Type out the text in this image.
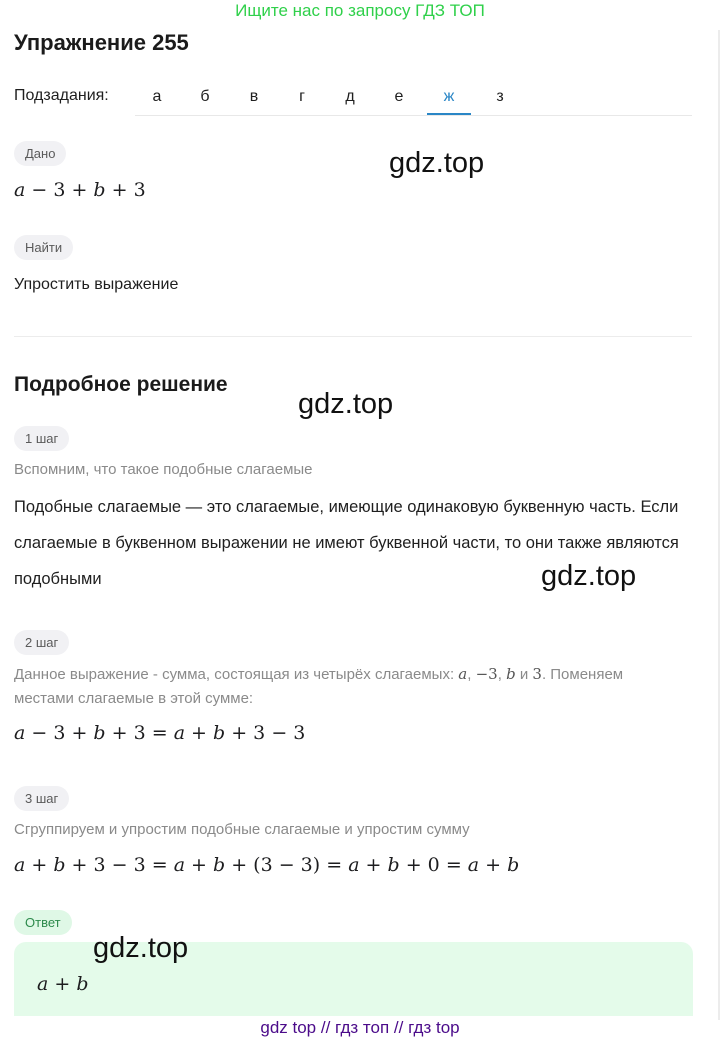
Ищите нас по запросу ГДЗ ТОП
Упражнение 255
Подзадания:	а	б	в	г	д	е	ж	з
Дано
a − 3 + b + 3
Найти
Упростить выражение
Подробное решение
1 шаг
Вспомним, что такое подобные слагаемые
Подобные слагаемые — это слагаемые, имеющие одинаковую буквенную часть. Если слагаемые в буквенном выражении не имеют буквенной части, то они также являются подобными
2 шаг
Данное выражение - сумма, состоящая из четырёх слагаемых: a, −3, b и 3. Поменяем местами слагаемые в этой сумме:
a − 3 + b + 3 = a + b + 3 − 3
3 шаг
Сгруппируем и упростим подобные слагаемые и упростим сумму
a + b + 3 − 3 = a + b + (3 − 3) = a + b + 0 = a + b
Ответ
a + b
gdz.top
gdz.top
gdz.top
gdz.top
gdz top // гдз топ // гдз top
